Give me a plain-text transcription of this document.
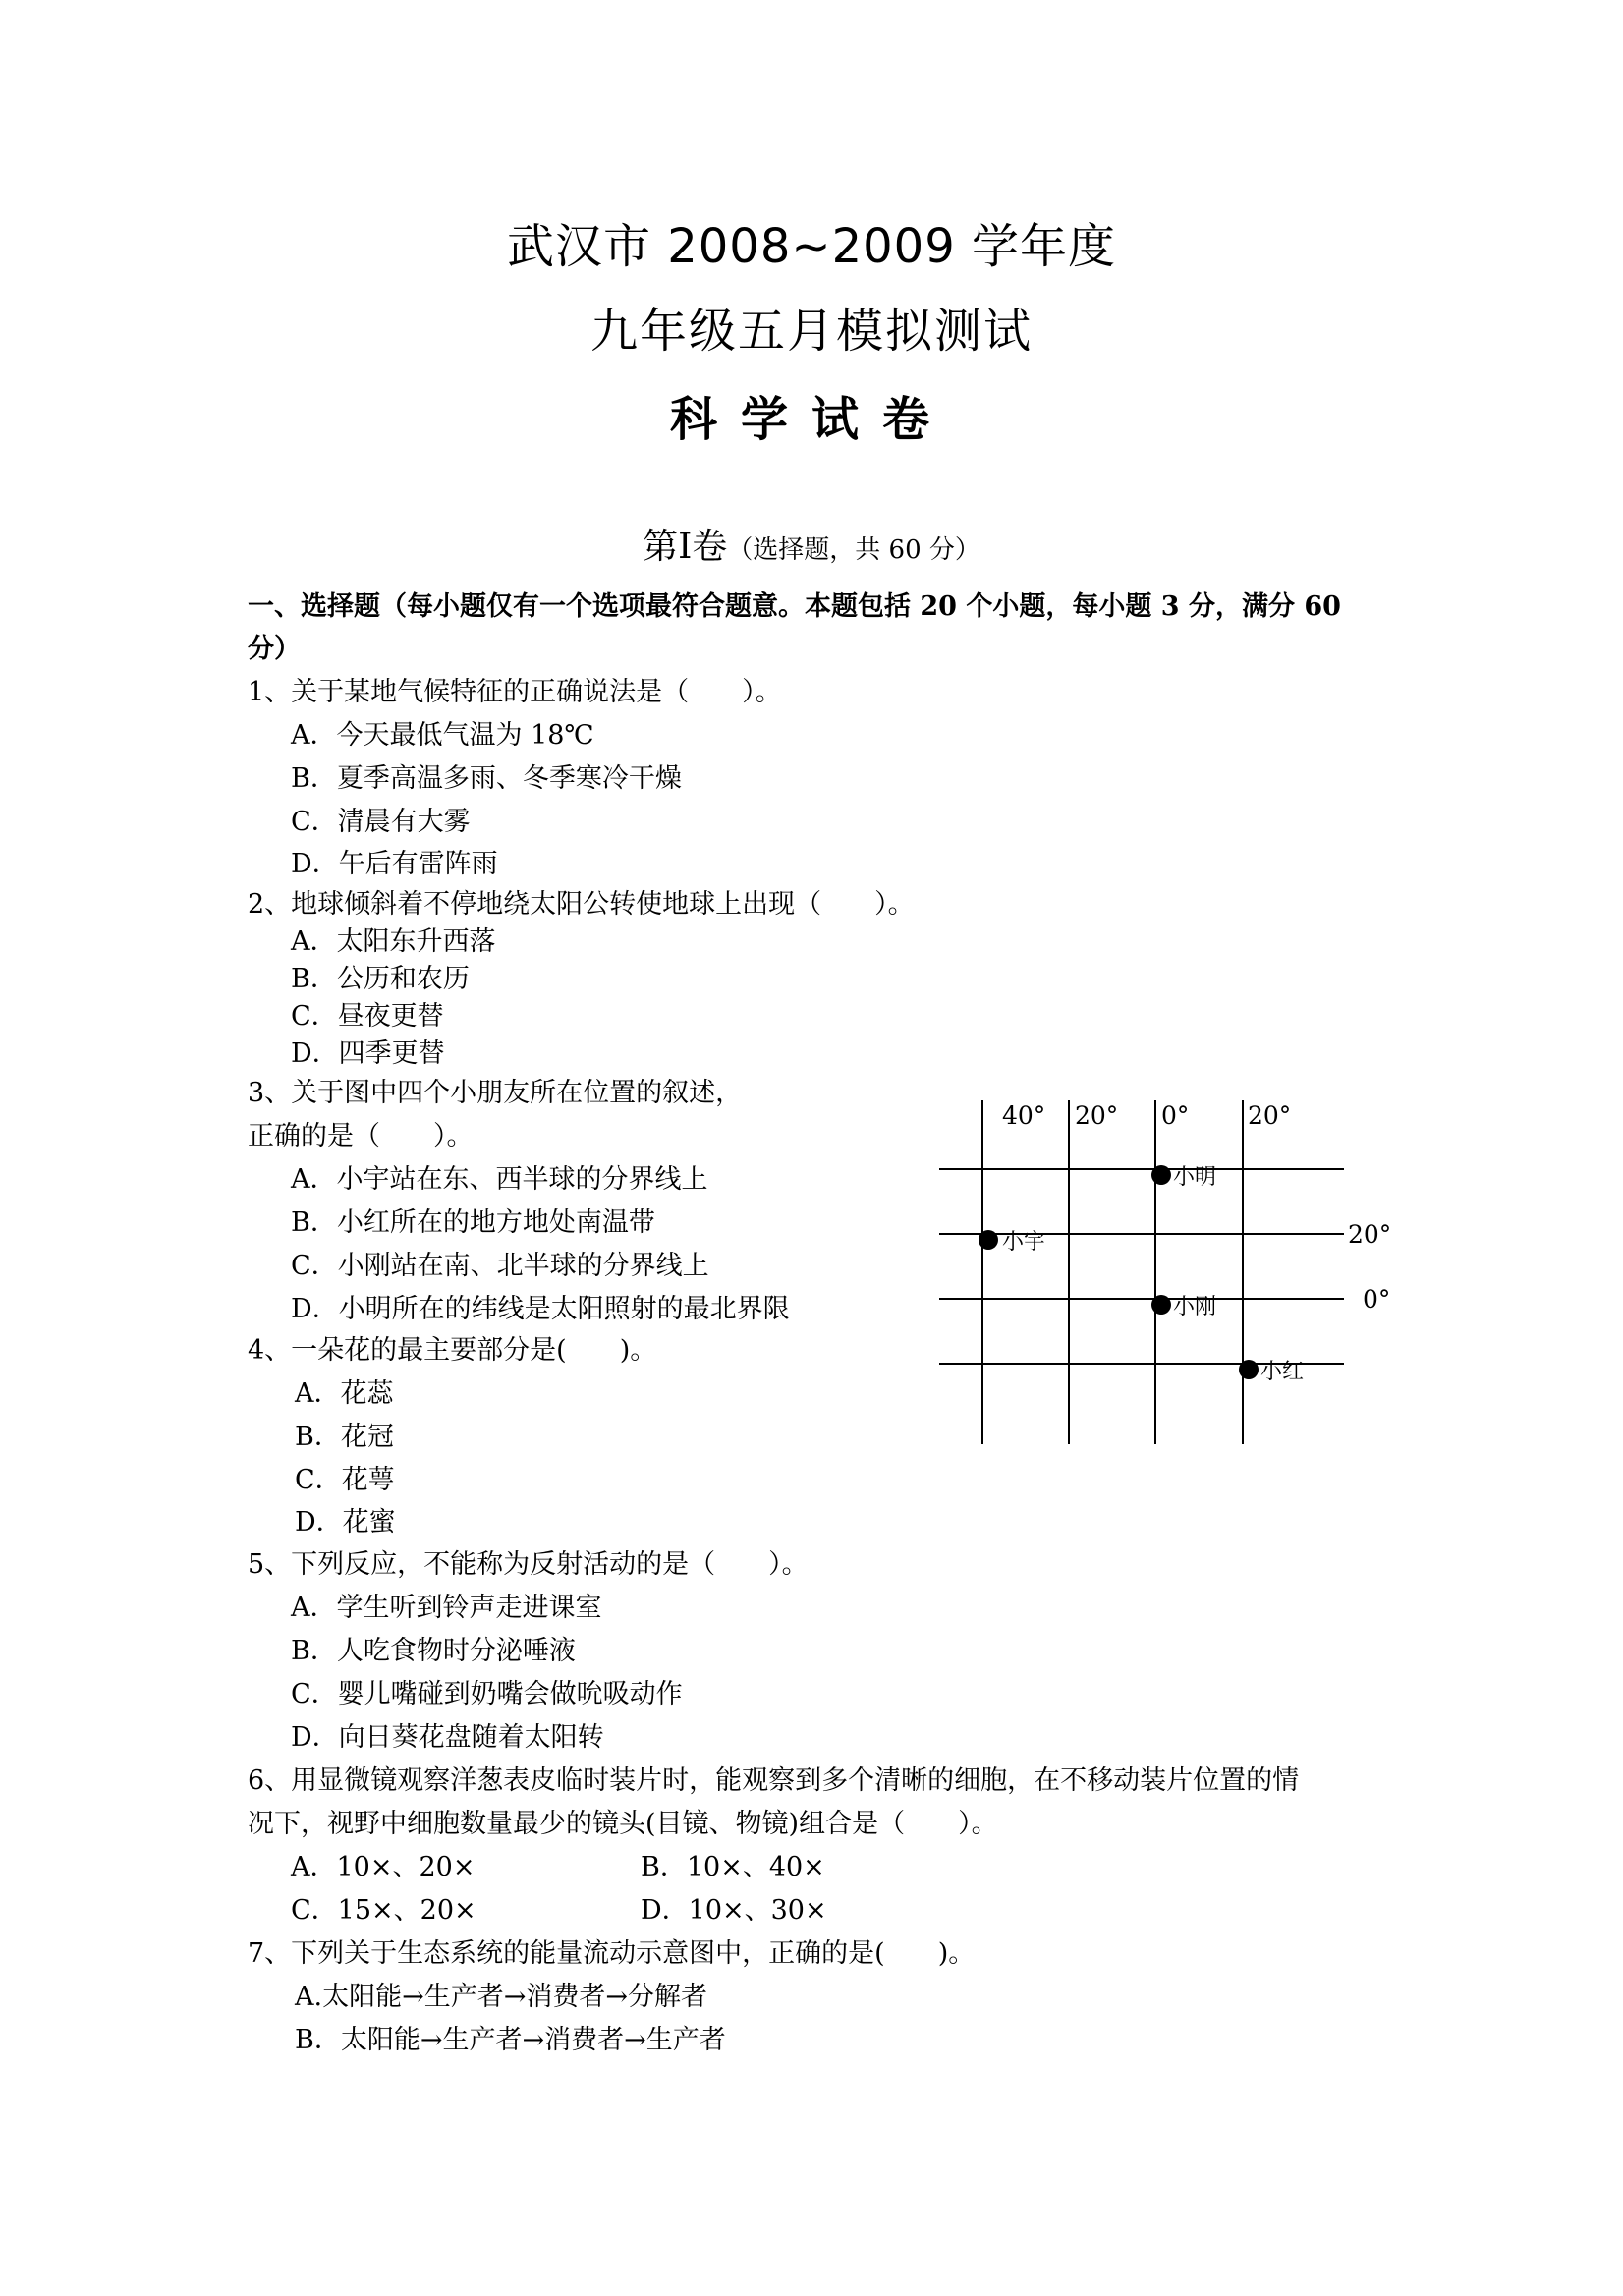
武汉市 2008~2009 学年度
九年级五月模拟测试
科学试卷
第Ⅰ卷（选择题，共 60 分）
一、选择题（每小题仅有一个选项最符合题意。本题包括 20 个小题，每小题 3 分，满分 60
分）
1、关于某地气候特征的正确说法是（　　）。
A．今天最低气温为 18℃
B．夏季高温多雨、冬季寒冷干燥
C．清晨有大雾
D．午后有雷阵雨
2、地球倾斜着不停地绕太阳公转使地球上出现（　　）。
A．太阳东升西落
B．公历和农历
C．昼夜更替
D．四季更替
3、关于图中四个小朋友所在位置的叙述，
正确的是（　　）。
A．小宇站在东、西半球的分界线上
B．小红所在的地方地处南温带
C．小刚站在南、北半球的分界线上
D．小明所在的纬线是太阳照射的最北界限
4、一朵花的最主要部分是(　　)。
A．花蕊
B．花冠
C．花萼
D．花蜜
5、下列反应，不能称为反射活动的是（　　）。
A．学生听到铃声走进课室
B．人吃食物时分泌唾液
C．婴儿嘴碰到奶嘴会做吮吸动作
D．向日葵花盘随着太阳转
6、用显微镜观察洋葱表皮临时装片时，能观察到多个清晰的细胞，在不移动装片位置的情
况下，视野中细胞数量最少的镜头(目镜、物镜)组合是（　　）。
A．10×、20×	B．10×、40×
C．15×、20×	D．10×、30×
7、下列关于生态系统的能量流动示意图中，正确的是(　　)。
A.太阳能→生产者→消费者→分解者
B．太阳能→生产者→消费者→生产者
40° 20° 0° 20°
20°
0°
小明
小宇
小刚
小红
